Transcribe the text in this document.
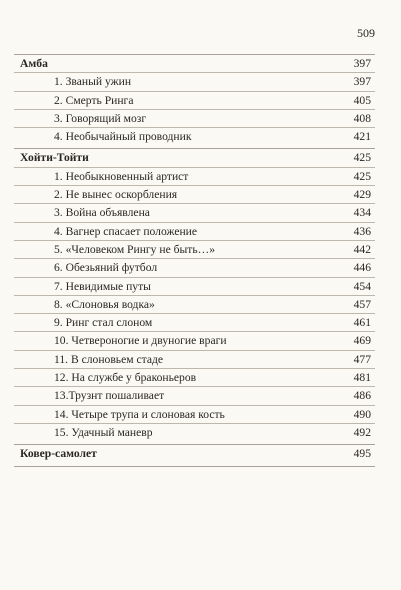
509
Амба	397
1. Званый ужин	397
2. Смерть Ринга	405
3. Говорящий мозг	408
4. Необычайный проводник	421
Хойти-Тойти	425
1. Необыкновенный артист	425
2. Не вынес оскорбления	429
3. Война объявлена	434
4. Вагнер спасает положение	436
5. «Человеком Рингу не быть…»	442
6. Обезьяний футбол	446
7. Невидимые путы	454
8. «Слоновья водка»	457
9. Ринг стал слоном	461
10. Четвероногие и двуногие враги	469
11. В слоновьем стаде	477
12. На службе у браконьеров	481
13.Трузнт пошаливает	486
14. Четыре трупа и слоновая кость	490
15. Удачный маневр	492
Ковер-самолет	495
